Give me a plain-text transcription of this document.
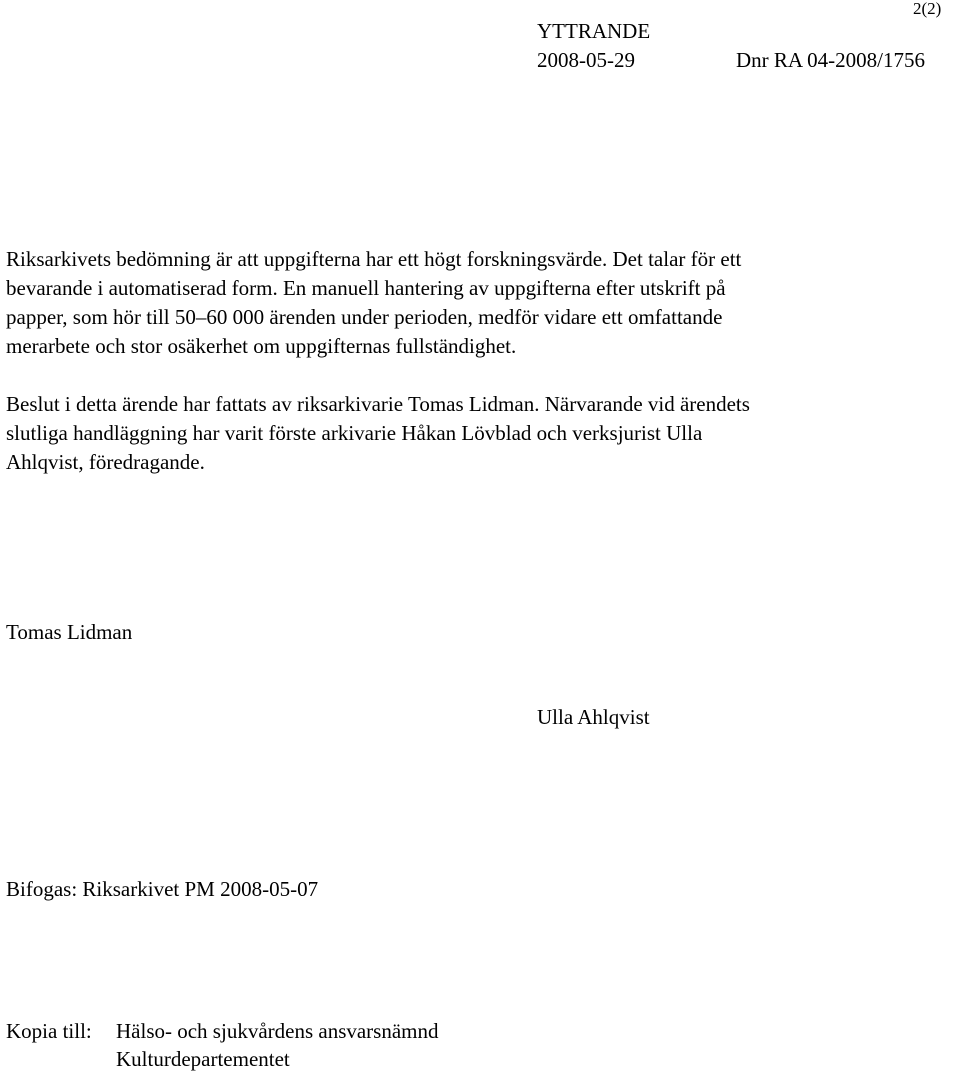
2(2)
YTTRANDE
2008-05-29	Dnr RA 04-2008/1756
Riksarkivets bedömning är att uppgifterna har ett högt forskningsvärde. Det talar för ett
bevarande i automatiserad form. En manuell hantering av uppgifterna efter utskrift på
papper, som hör till 50–60 000 ärenden under perioden, medför vidare ett omfattande
merarbete och stor osäkerhet om uppgifternas fullständighet.
Beslut i detta ärende har fattats av riksarkivarie Tomas Lidman. Närvarande vid ärendets
slutliga handläggning har varit förste arkivarie Håkan Lövblad och verksjurist Ulla
Ahlqvist, föredragande.
Tomas Lidman
Ulla Ahlqvist
Bifogas: Riksarkivet PM 2008-05-07
Kopia till: Hälso- och sjukvårdens ansvarsnämnd
Kulturdepartementet
